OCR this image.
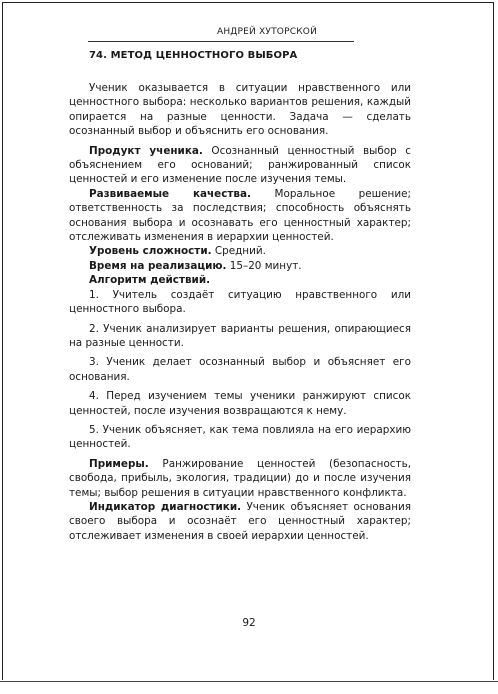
АНДРЕЙ ХУТОРСКОЙ
74. МЕТОД ЦЕННОСТНОГО ВЫБОРА

Ученик оказывается в ситуации нравственного или ценностного выбора: несколько вариантов решения, каждый опирается на разные ценности. Задача — сделать осознанный выбор и объяснить его основания.

Продукт ученика. Осознанный ценностный выбор с объяснением его оснований; ранжированный список ценностей и его изменение после изучения темы.

Развиваемые качества. Моральное решение; ответственность за последствия; способность объяснять основания выбора и осознавать его ценностный характер; отслеживать изменения в иерархии ценностей.

Уровень сложности. Средний.

Время на реализацию. 15–20 минут.

Алгоритм действий.

1. Учитель создаёт ситуацию нравственного или ценностного выбора.

2. Ученик анализирует варианты решения, опирающиеся на разные ценности.

3. Ученик делает осознанный выбор и объясняет его основания.

4. Перед изучением темы ученики ранжируют список ценностей, после изучения возвращаются к нему.

5. Ученик объясняет, как тема повлияла на его иерархию ценностей.

Примеры. Ранжирование ценностей (безопасность, свобода, прибыль, экология, традиции) до и после изучения темы; выбор решения в ситуации нравственного конфликта.

Индикатор диагностики. Ученик объясняет основания своего выбора и осознаёт его ценностный характер; отслеживает изменения в своей иерархии ценностей.

92
